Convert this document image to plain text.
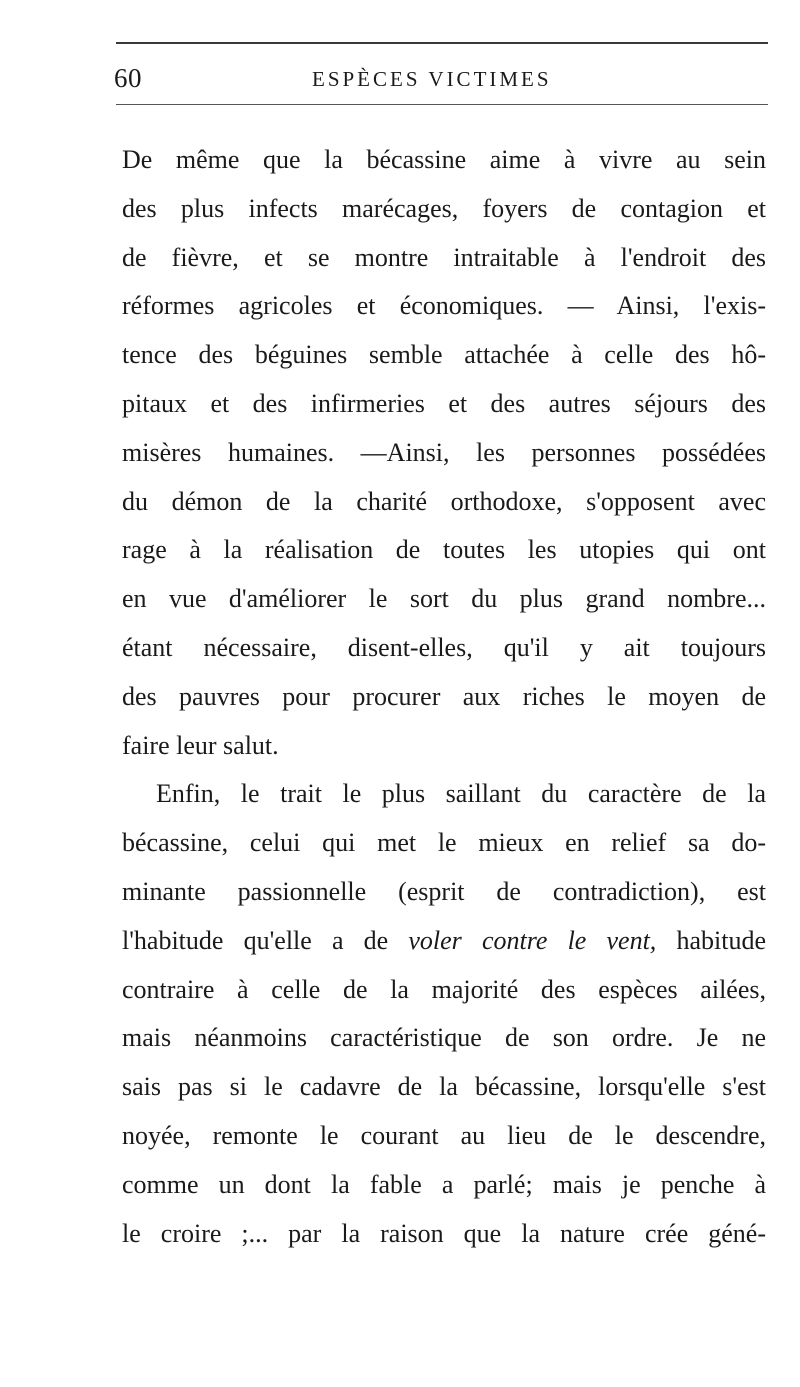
60	ESPÈCES VICTIMES
De même que la bécassine aime à vivre au sein
des plus infects marécages, foyers de contagion et
de fièvre, et se montre intraitable à l'endroit des
réformes agricoles et économiques. — Ainsi, l'exis-
tence des béguines semble attachée à celle des hô-
pitaux et des infirmeries et des autres séjours des
misères humaines. —Ainsi, les personnes possédées
du démon de la charité orthodoxe, s'opposent avec
rage à la réalisation de toutes les utopies qui ont
en vue d'améliorer le sort du plus grand nombre...
étant nécessaire, disent-elles, qu'il y ait toujours
des pauvres pour procurer aux riches le moyen de
faire leur salut.
Enfin, le trait le plus saillant du caractère de la
bécassine, celui qui met le mieux en relief sa do-
minante passionnelle (esprit de contradiction), est
l'habitude qu'elle a de voler contre le vent, habitude
contraire à celle de la majorité des espèces ailées,
mais néanmoins caractéristique de son ordre. Je ne
sais pas si le cadavre de la bécassine, lorsqu'elle s'est
noyée, remonte le courant au lieu de le descendre,
comme un dont la fable a parlé; mais je penche à
le croire ;... par la raison que la nature crée géné-
